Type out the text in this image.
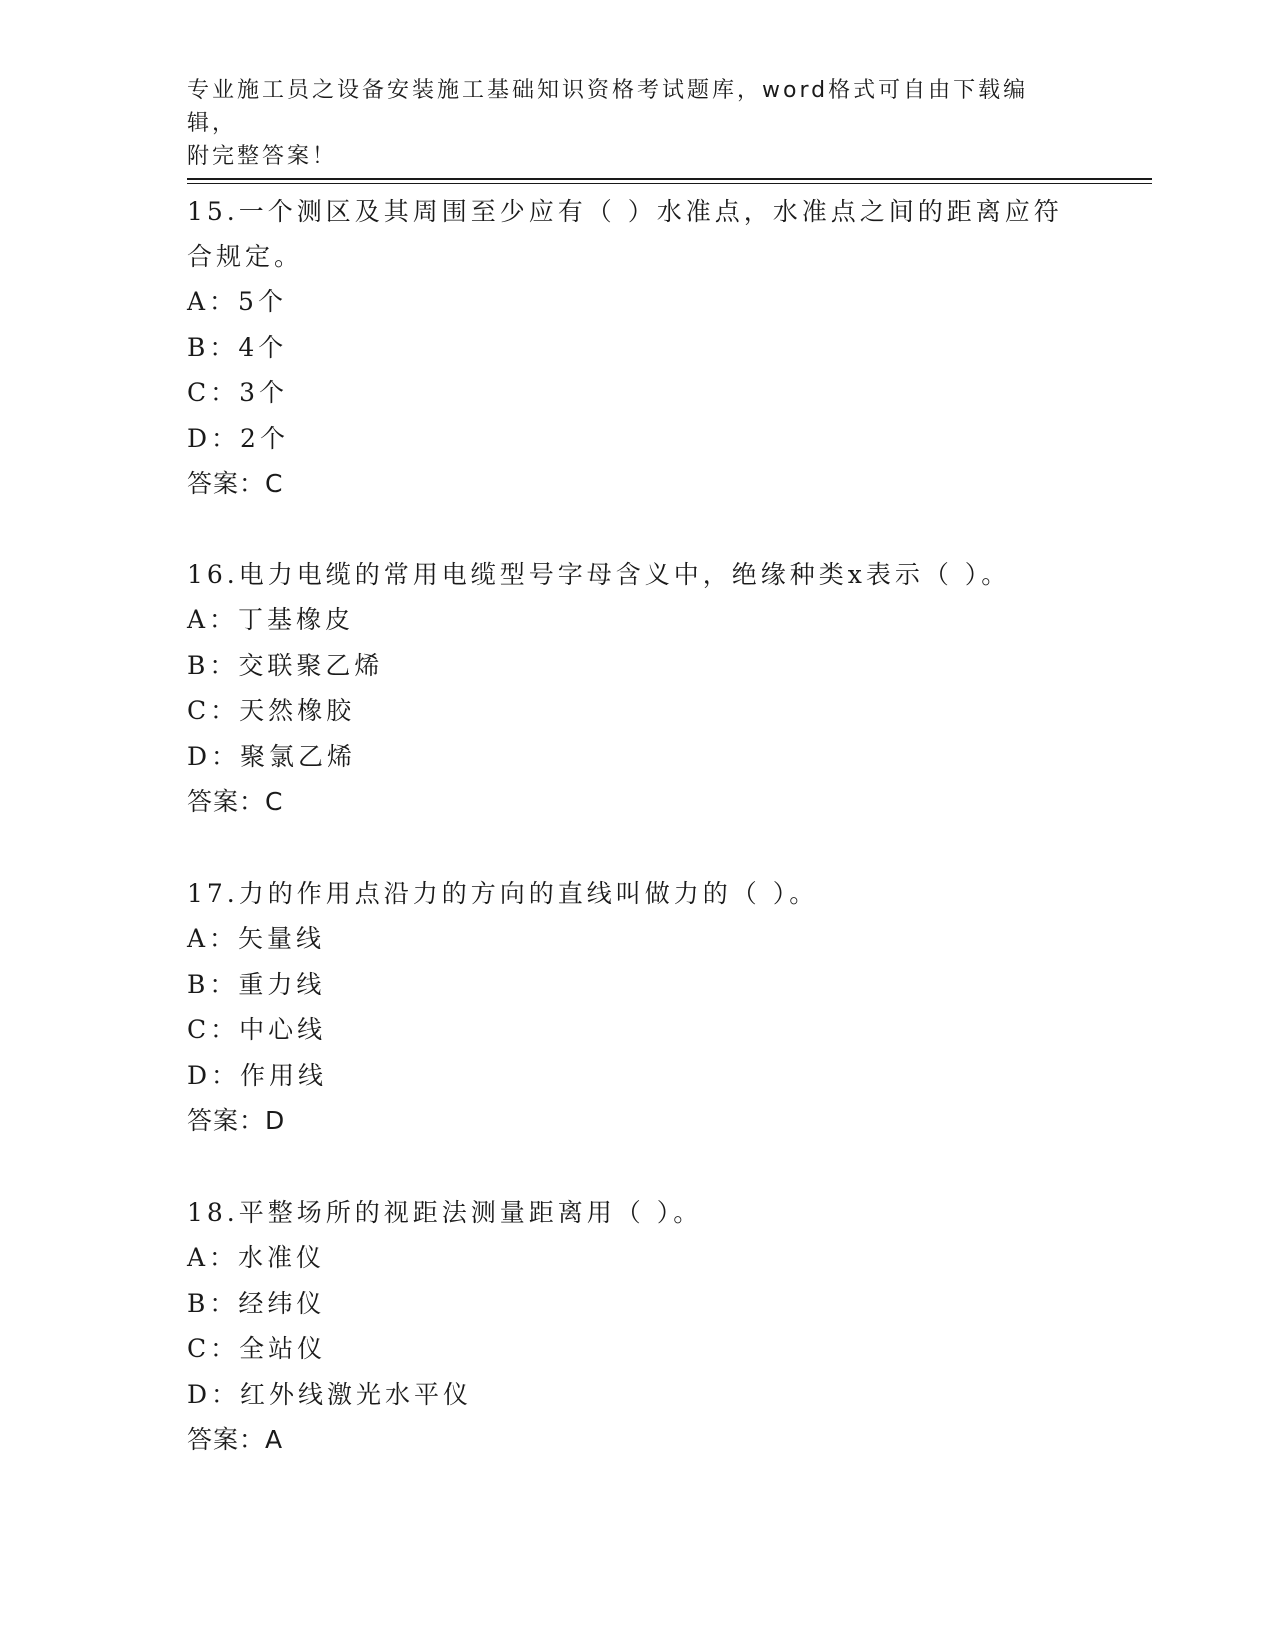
专业施工员之设备安装施工基础知识资格考试题库，word格式可自由下载编辑，
附完整答案！
15.一个测区及其周围至少应有（ ）水准点，水准点之间的距离应符合规定。
A：5个
B：4个
C：3个
D：2个
答案：C
16.电力电缆的常用电缆型号字母含义中，绝缘种类x表示（ ）。
A：丁基橡皮
B：交联聚乙烯
C：天然橡胶
D：聚氯乙烯
答案：C
17.力的作用点沿力的方向的直线叫做力的（ ）。
A：矢量线
B：重力线
C：中心线
D：作用线
答案：D
18.平整场所的视距法测量距离用（ ）。
A：水准仪
B：经纬仪
C：全站仪
D：红外线激光水平仪
答案：A
